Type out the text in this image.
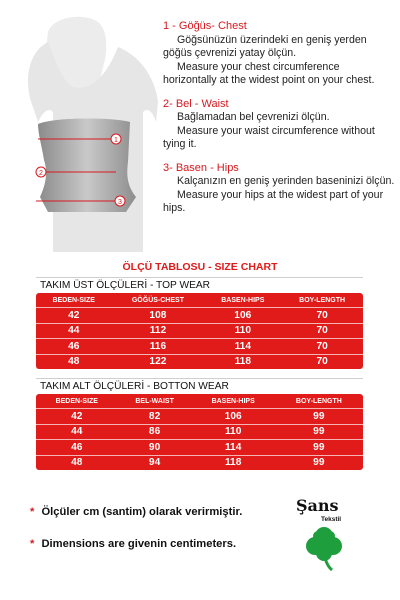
1
2
3
1 - Göğüs- Chest
Göğsünüzün üzerindeki en geniş yerden göğüs çevrenizi yatay ölçün.
Measure your chest circumference horizontally at the widest point on your chest.
2- Bel - Waist
Bağlamadan bel çevrenizi ölçün.
Measure your waist circumference without tying it.
3- Basen - Hips
Kalçanızın en geniş yerinden baseninizi ölçün.
Measure your hips at the widest part of your hips.
ÖLÇÜ TABLOSU - SIZE CHART
TAKIM ÜST ÖLÇÜLERİ - TOP WEAR
BEDEN-SIZE	GÖĞÜS-CHEST	BASEN-HIPS	BOY-LENGTH
42	108	106	70
44	112	110	70
46	116	114	70
48	122	118	70
TAKIM ALT ÖLÇÜLERİ - BOTTON WEAR
BEDEN-SIZE	BEL-WAIST	BASEN-HIPS	BOY-LENGTH
42	82	106	99
44	86	110	99
46	90	114	99
48	94	118	99
* Ölçüler cm (santim) olarak verirmiştir.
* Dimensions are givenin centimeters.
Şans
Tekstil
